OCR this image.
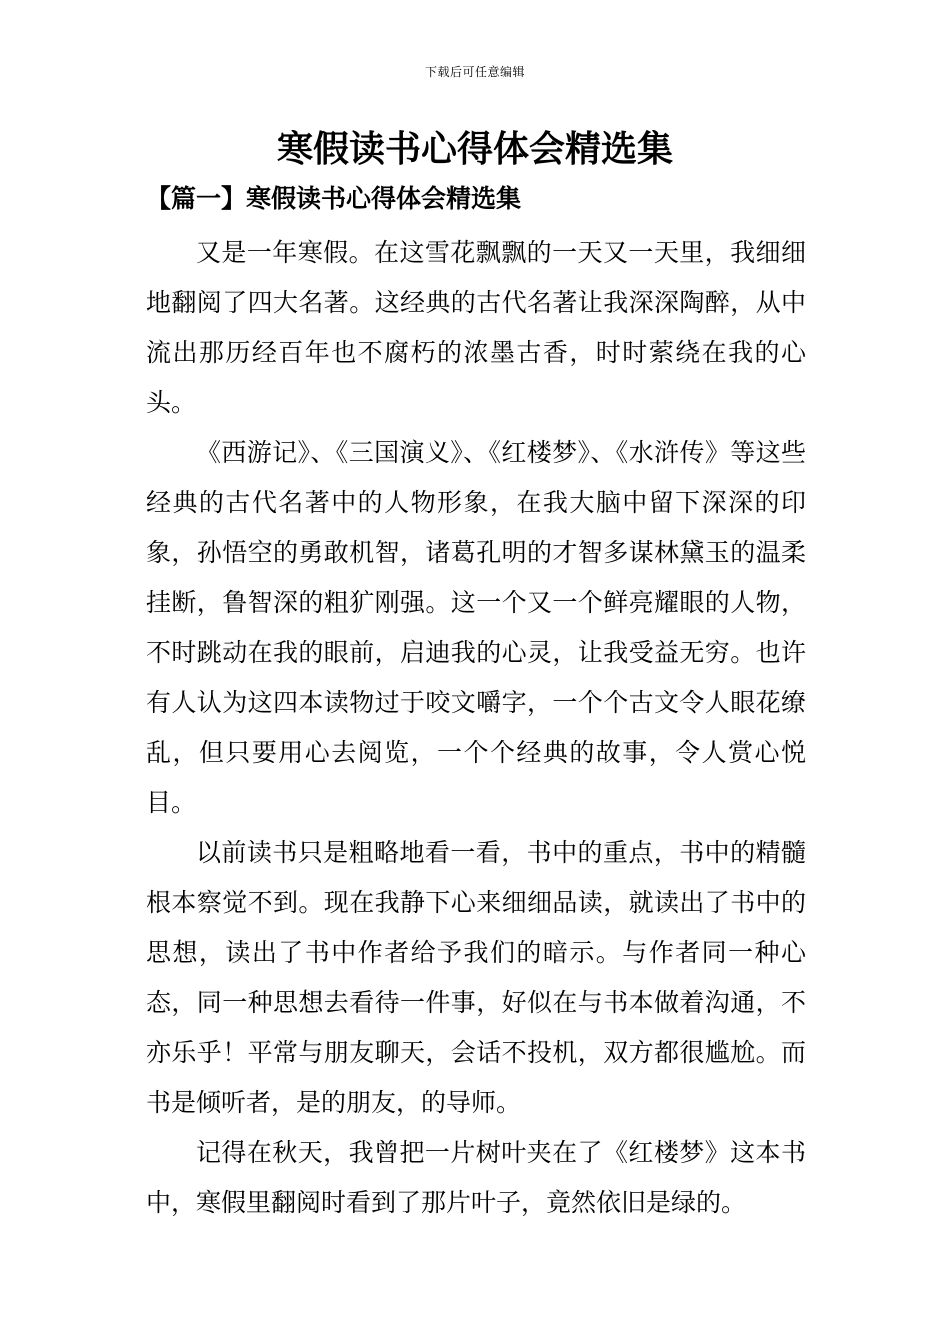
下载后可任意编辑
寒假读书心得体会精选集
【篇一】寒假读书心得体会精选集

又是一年寒假。在这雪花飘飘的一天又一天里，我细细地翻阅了四大名著。这经典的古代名著让我深深陶醉，从中流出那历经百年也不腐朽的浓墨古香，时时萦绕在我的心头。

《西游记》、《三国演义》、《红楼梦》、《水浒传》等这些经典的古代名著中的人物形象，在我大脑中留下深深的印象，孙悟空的勇敢机智，诸葛孔明的才智多谋林黛玉的温柔挂断，鲁智深的粗犷刚强。这一个又一个鲜亮耀眼的人物，不时跳动在我的眼前，启迪我的心灵，让我受益无穷。也许有人认为这四本读物过于咬文嚼字，一个个古文令人眼花缭乱，但只要用心去阅览，一个个经典的故事，令人赏心悦目。

以前读书只是粗略地看一看，书中的重点，书中的精髓根本察觉不到。现在我静下心来细细品读，就读出了书中的思想，读出了书中作者给予我们的暗示。与作者同一种心态，同一种思想去看待一件事，好似在与书本做着沟通，不亦乐乎！平常与朋友聊天，会话不投机，双方都很尴尬。而书是倾听者，是的朋友，的导师。

记得在秋天，我曾把一片树叶夹在了《红楼梦》这本书中，寒假里翻阅时看到了那片叶子，竟然依旧是绿的。
